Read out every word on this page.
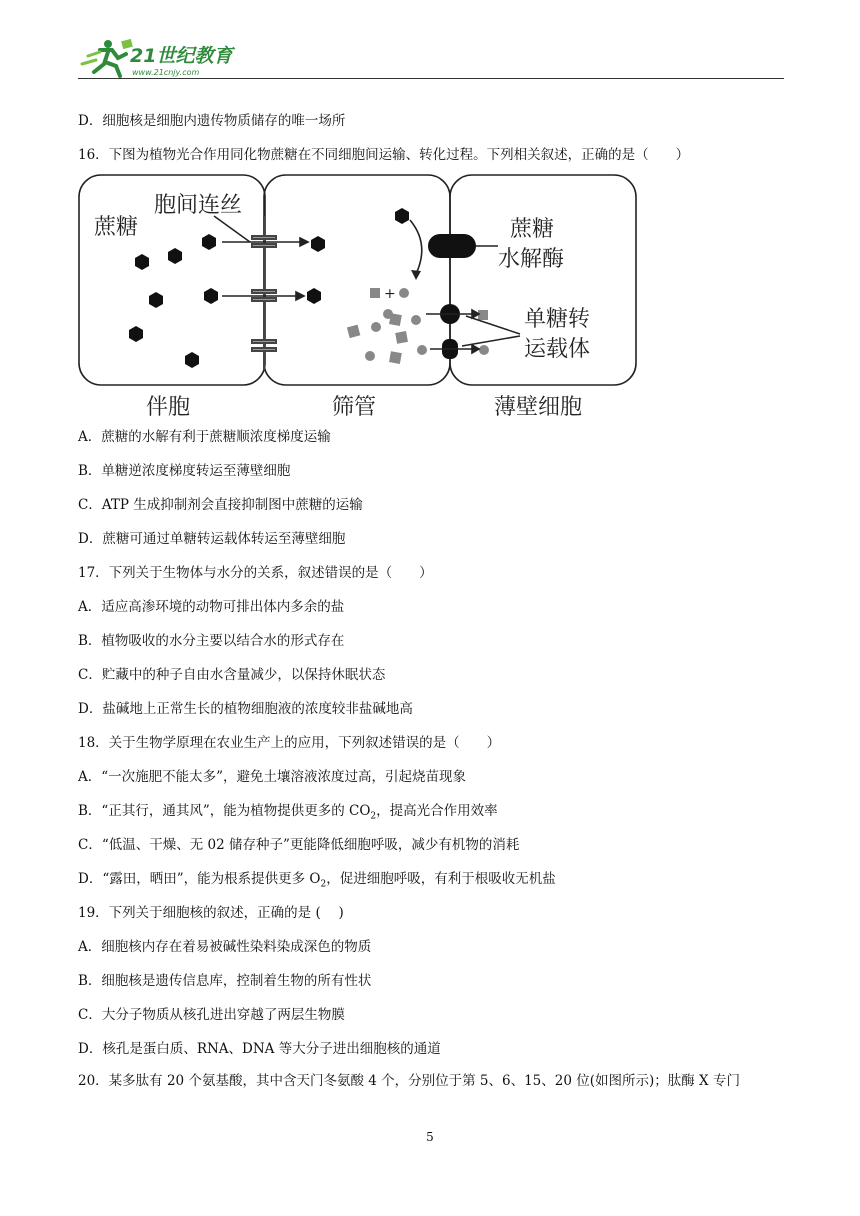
21世纪教育
www.21cnjy.com
D．细胞核是细胞内遗传物质储存的唯一场所
16．下图为植物光合作用同化物蔗糖在不同细胞间运输、转化过程。下列相关叙述，正确的是（　　）
蔗糖
胞间连丝
蔗糖
水解酶
单糖转
运载体
+
伴胞	筛管	薄壁细胞
A．蔗糖的水解有利于蔗糖顺浓度梯度运输
B．单糖逆浓度梯度转运至薄壁细胞
C．ATP 生成抑制剂会直接抑制图中蔗糖的运输
D．蔗糖可通过单糖转运载体转运至薄壁细胞
17．下列关于生物体与水分的关系，叙述错误的是（　　）
A．适应高渗环境的动物可排出体内多余的盐
B．植物吸收的水分主要以结合水的形式存在
C．贮藏中的种子自由水含量减少，以保持休眠状态
D．盐碱地上正常生长的植物细胞液的浓度较非盐碱地高
18．关于生物学原理在农业生产上的应用，下列叙述错误的是（　　）
A．“一次施肥不能太多”，避免土壤溶液浓度过高，引起烧苗现象
B．“正其行，通其风”，能为植物提供更多的 $CO_2$，提高光合作用效率
C．“低温、干燥、无 02 储存种子”更能降低细胞呼吸，减少有机物的消耗
D．“露田，晒田”，能为根系提供更多 $O_2$，促进细胞呼吸，有利于根吸收无机盐
19．下列关于细胞核的叙述，正确的是 (　 )
A．细胞核内存在着易被碱性染料染成深色的物质
B．细胞核是遗传信息库，控制着生物的所有性状
C．大分子物质从核孔进出穿越了两层生物膜
D．核孔是蛋白质、RNA、DNA 等大分子进出细胞核的通道
20．某多肽有 20 个氨基酸，其中含天门冬氨酸 4 个，分别位于第 5、6、15、20 位(如图所示)；肽酶 X 专门
5
